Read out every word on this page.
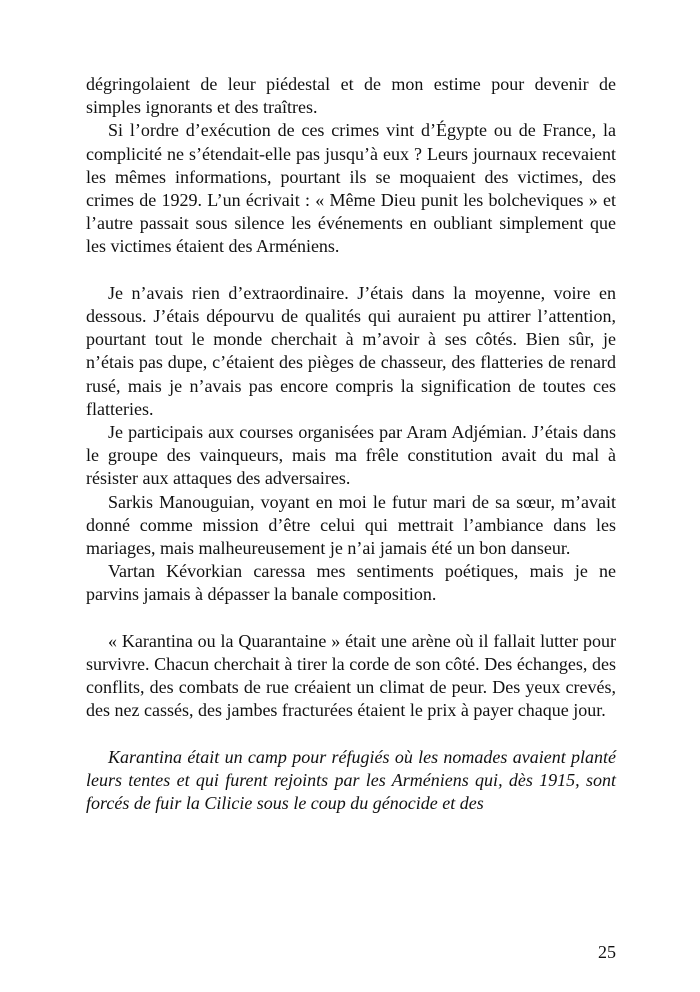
dégringolaient de leur piédestal et de mon estime pour devenir de simples ignorants et des traîtres.

Si l’ordre d’exécution de ces crimes vint d’Égypte ou de France, la complicité ne s’étendait-elle pas jusqu’à eux ? Leurs journaux recevaient les mêmes informations, pourtant ils se moquaient des victimes, des crimes de 1929. L’un écrivait : « Même Dieu punit les bolcheviques » et l’autre passait sous silence les événements en oubliant simplement que les victimes étaient des Arméniens.

Je n’avais rien d’extraordinaire. J’étais dans la moyenne, voire en dessous. J’étais dépourvu de qualités qui auraient pu attirer l’attention, pourtant tout le monde cherchait à m’avoir à ses côtés. Bien sûr, je n’étais pas dupe, c’étaient des pièges de chasseur, des flatteries de renard rusé, mais je n’avais pas encore compris la signification de toutes ces flatteries.

Je participais aux courses organisées par Aram Adjémian. J’étais dans le groupe des vainqueurs, mais ma frêle constitution avait du mal à résister aux attaques des adversaires.

Sarkis Manouguian, voyant en moi le futur mari de sa sœur, m’avait donné comme mission d’être celui qui mettrait l’ambiance dans les mariages, mais malheureusement je n’ai jamais été un bon danseur.

Vartan Kévorkian caressa mes sentiments poétiques, mais je ne parvins jamais à dépasser la banale composition.

« Karantina ou la Quarantaine » était une arène où il fallait lutter pour survivre. Chacun cherchait à tirer la corde de son côté. Des échanges, des conflits, des combats de rue créaient un climat de peur. Des yeux crevés, des nez cassés, des jambes fracturées étaient le prix à payer chaque jour.

Karantina était un camp pour réfugiés où les nomades avaient planté leurs tentes et qui furent rejoints par les Arméniens qui, dès 1915, sont forcés de fuir la Cilicie sous le coup du génocide et des

25
